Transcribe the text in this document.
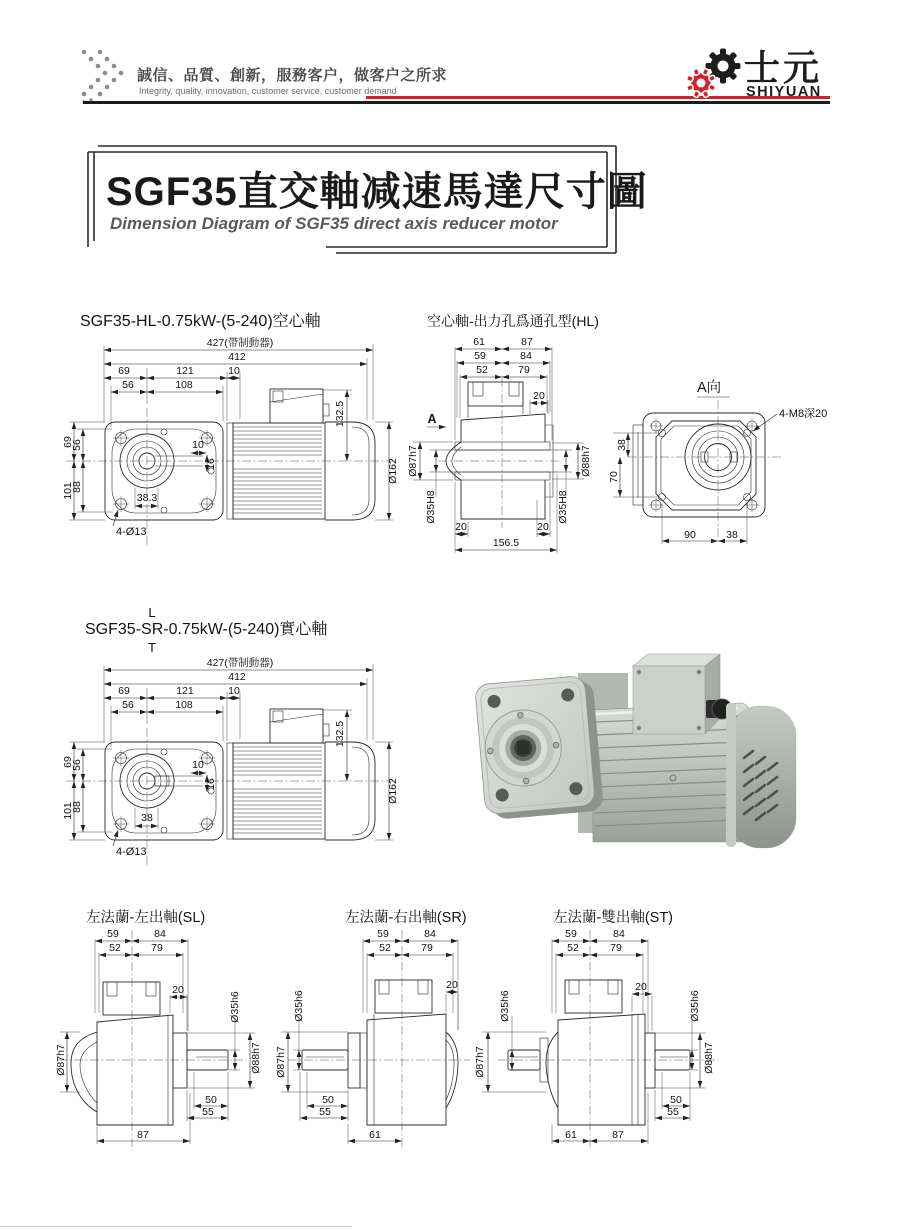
誠信、品質、創新，服務客户，做客户之所求
Integrity, quality, innovation, customer service, customer demand
士元
SHIYUAN
SGF35直交軸减速馬達尺寸圖
Dimension Diagram of SGF35 direct axis reducer motor
SGF35-HL-0.75kW-(5-240)空心軸
427(帶制動器)
412
69	121	10
56	108
132.5
69
56
101
88
10
16
38.3
4-Ø13
Ø162
空心軸-出力孔爲通孔型(HL)
61	87
59	84
52	79
20
A
Ø87h7
Ø35H8
Ø88h7
Ø35H8
20	20
156.5
A向
4-M8深20
38
70
90	38
SGF35-SR-0.75kW-(5-240)實心軸
L
T
427(帶制動器)
412
69	121	10
56	108
132.5
69
56
101
88
10
16
38
4-Ø13
Ø162
左法蘭-左出軸(SL)
59	84
52	79
20
Ø35h6
Ø88h7
Ø87h7
50
55
87
左法蘭-右出軸(SR)
59	84
52	79
20
Ø35h6
Ø87h7
50
55
61
左法蘭-雙出軸(ST)
59	84
52	79
20
Ø35h6
Ø88h7
Ø35h6
Ø87h7
50
55
61	87
